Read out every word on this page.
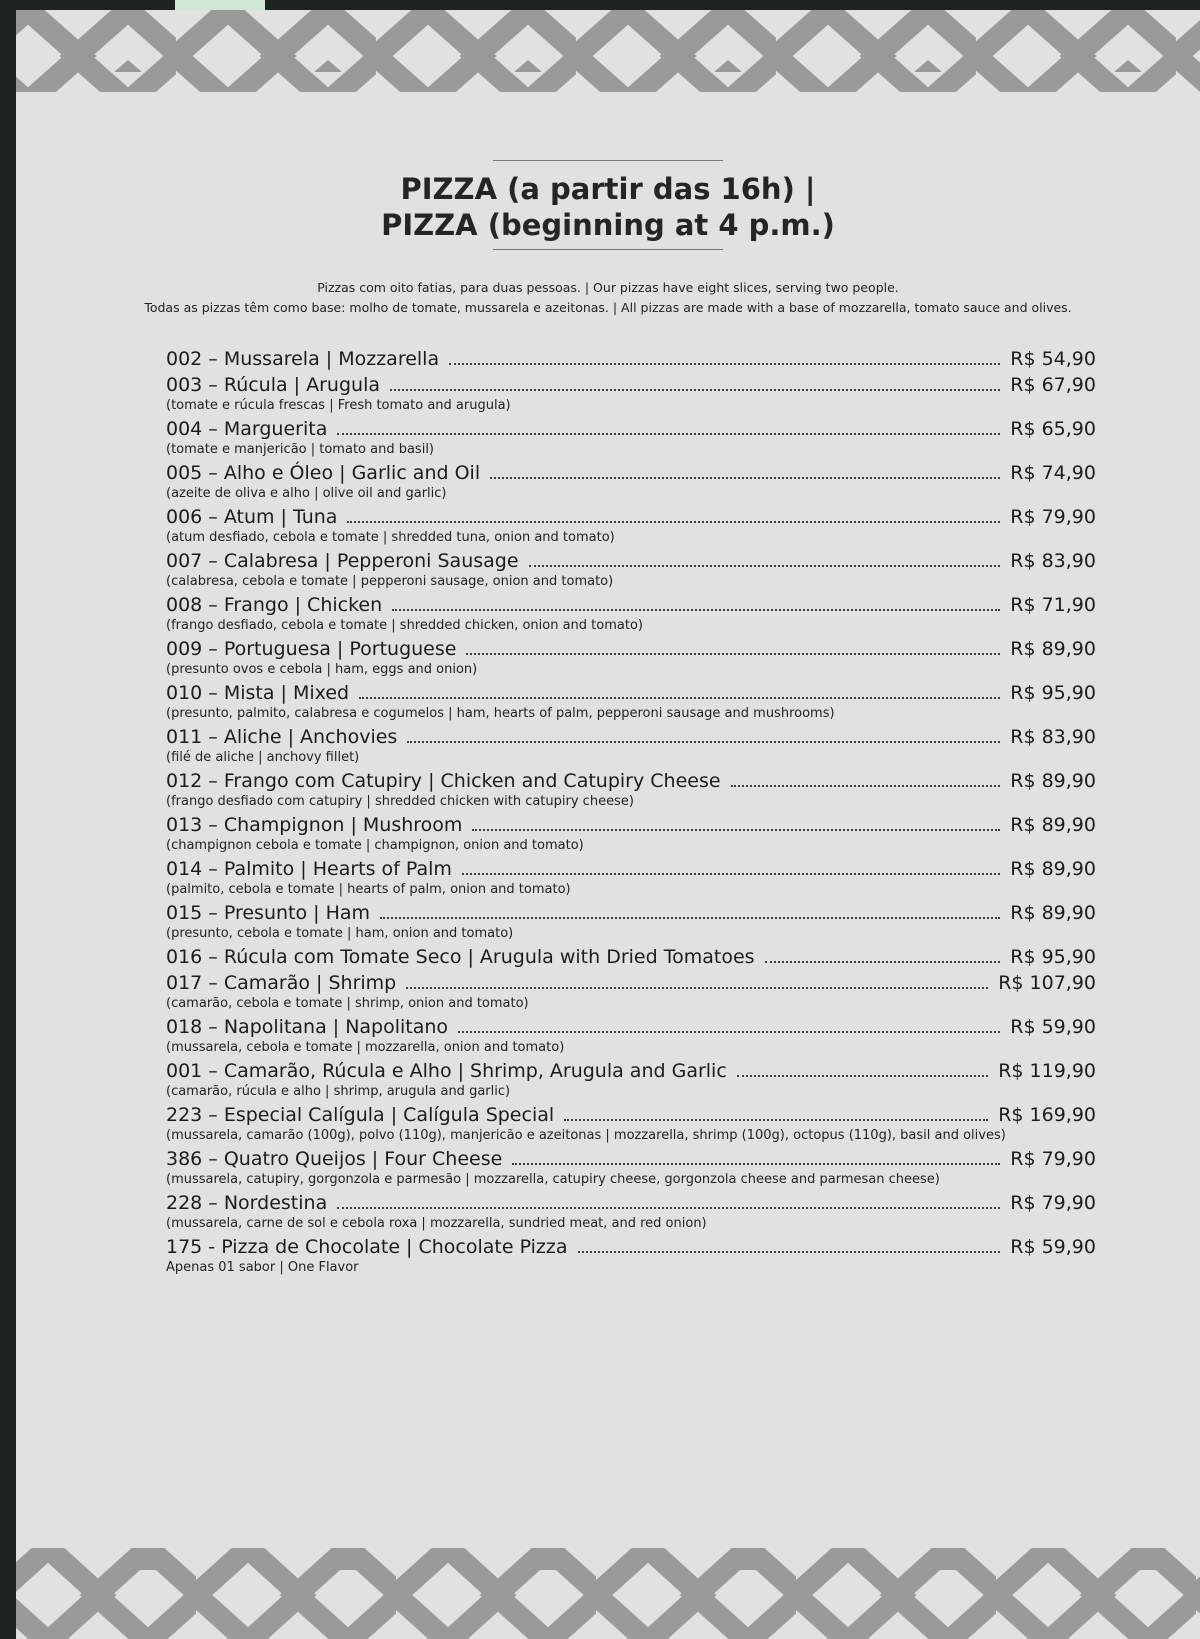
PIZZA (a partir das 16h) |
PIZZA (beginning at 4 p.m.)
Pizzas com oito fatias, para duas pessoas. | Our pizzas have eight slices, serving two people.
Todas as pizzas têm como base: molho de tomate, mussarela e azeitonas. | All pizzas are made with a base of mozzarella, tomato sauce and olives.
002 – Mussarela | Mozzarella	R$ 54,90
003 – Rúcula | Arugula	R$ 67,90
(tomate e rúcula frescas | Fresh tomato and arugula)
004 – Marguerita	R$ 65,90
(tomate e manjericão | tomato and basil)
005 – Alho e Óleo | Garlic and Oil	R$ 74,90
(azeite de oliva e alho | olive oil and garlic)
006 – Atum | Tuna	R$ 79,90
(atum desfiado, cebola e tomate | shredded tuna, onion and tomato)
007 – Calabresa | Pepperoni Sausage	R$ 83,90
(calabresa, cebola e tomate | pepperoni sausage, onion and tomato)
008 – Frango | Chicken	R$ 71,90
(frango desfiado, cebola e tomate | shredded chicken, onion and tomato)
009 – Portuguesa | Portuguese	R$ 89,90
(presunto ovos e cebola | ham, eggs and onion)
010 – Mista | Mixed	R$ 95,90
(presunto, palmito, calabresa e cogumelos | ham, hearts of palm, pepperoni sausage and mushrooms)
011 – Aliche | Anchovies	R$ 83,90
(filé de aliche | anchovy fillet)
012 – Frango com Catupiry | Chicken and Catupiry Cheese	R$ 89,90
(frango desfiado com catupiry | shredded chicken with catupiry cheese)
013 – Champignon | Mushroom	R$ 89,90
(champignon cebola e tomate | champignon, onion and tomato)
014 – Palmito | Hearts of Palm	R$ 89,90
(palmito, cebola e tomate | hearts of palm, onion and tomato)
015 – Presunto | Ham	R$ 89,90
(presunto, cebola e tomate | ham, onion and tomato)
016 – Rúcula com Tomate Seco | Arugula with Dried Tomatoes	R$ 95,90
017 – Camarão | Shrimp	R$ 107,90
(camarão, cebola e tomate | shrimp, onion and tomato)
018 – Napolitana | Napolitano	R$ 59,90
(mussarela, cebola e tomate | mozzarella, onion and tomato)
001 – Camarão, Rúcula e Alho | Shrimp, Arugula and Garlic	R$ 119,90
(camarão, rúcula e alho | shrimp, arugula and garlic)
223 – Especial Calígula | Calígula Special	R$ 169,90
(mussarela, camarão (100g), polvo (110g), manjericão e azeitonas | mozzarella, shrimp (100g), octopus (110g), basil and olives)
386 – Quatro Queijos | Four Cheese	R$ 79,90
(mussarela, catupiry, gorgonzola e parmesão | mozzarella, catupiry cheese, gorgonzola cheese and parmesan cheese)
228 – Nordestina	R$ 79,90
(mussarela, carne de sol e cebola roxa | mozzarella, sundried meat, and red onion)
175 - Pizza de Chocolate | Chocolate Pizza	R$ 59,90
Apenas 01 sabor | One Flavor
